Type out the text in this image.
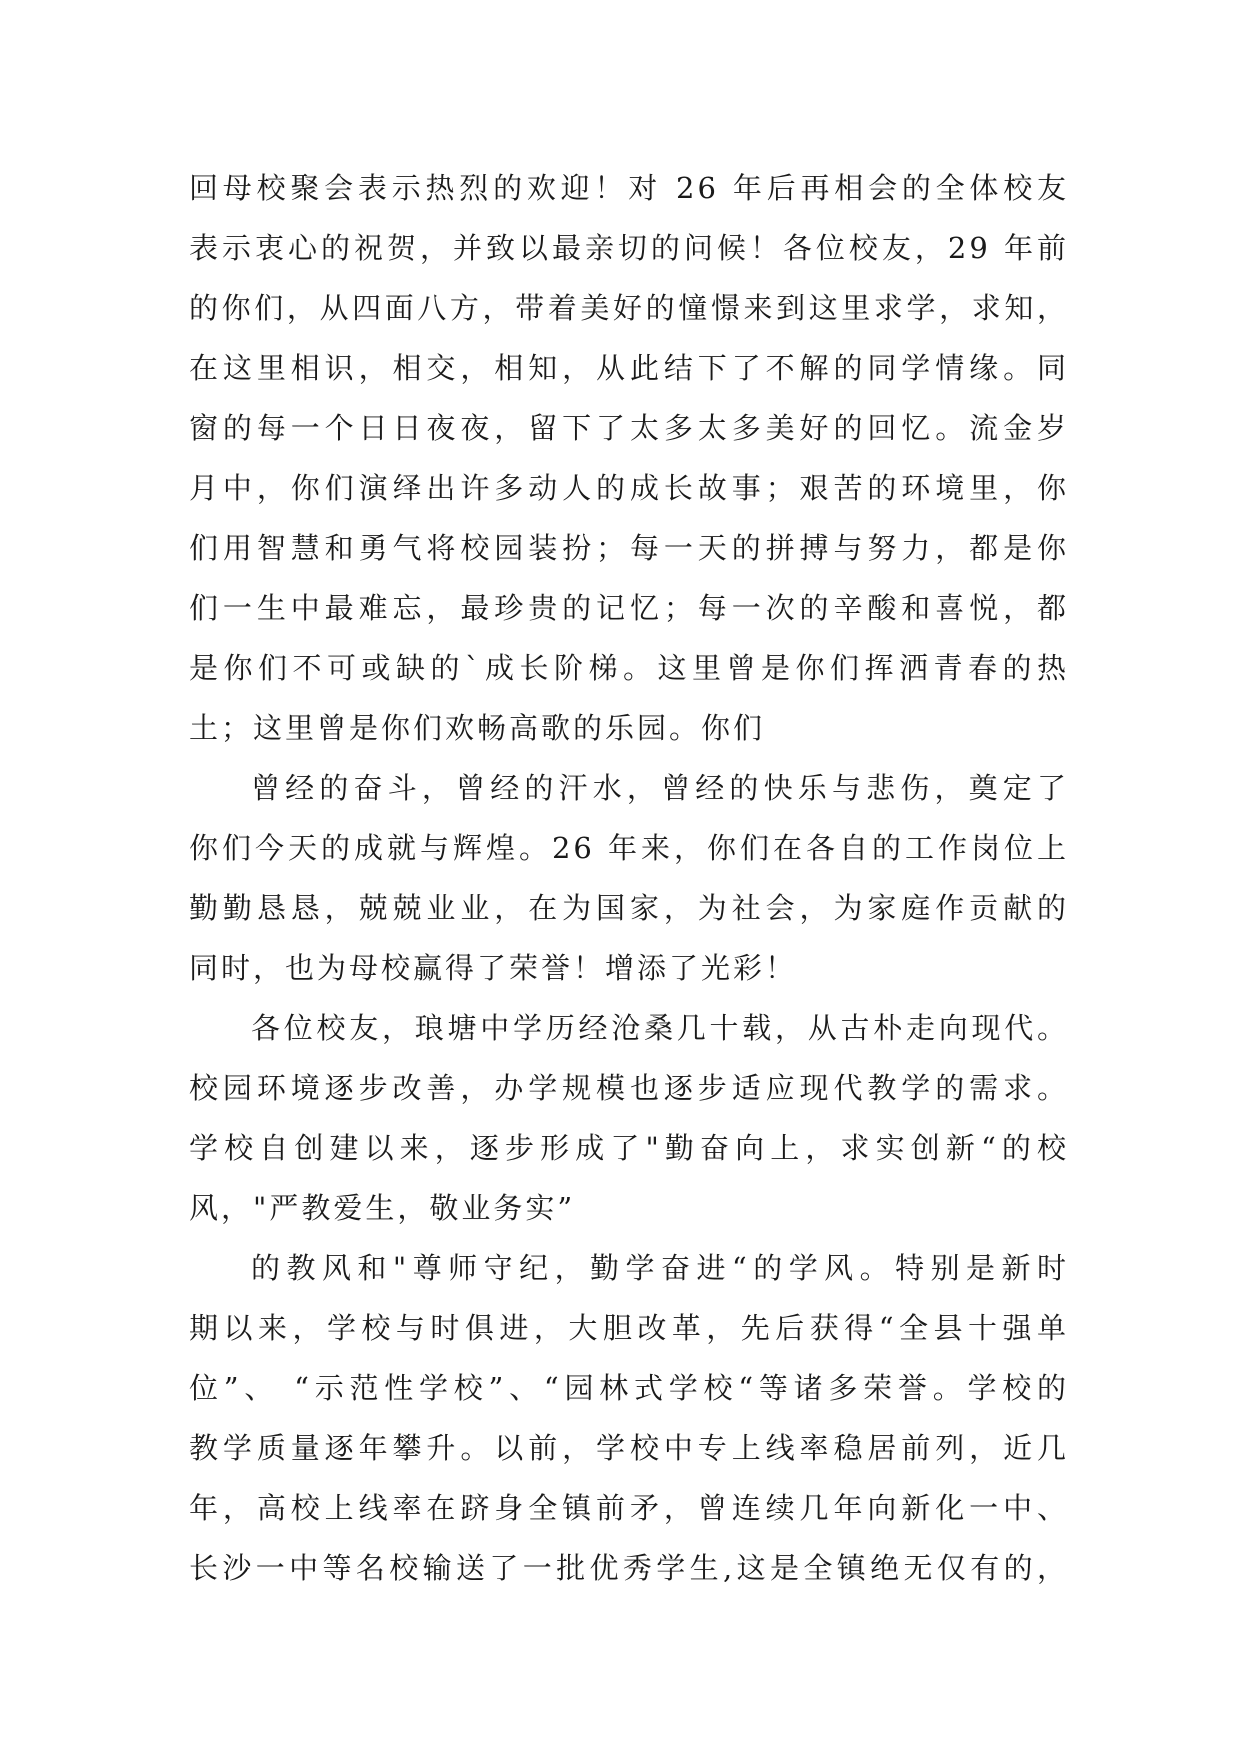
回母校聚会表示热烈的欢迎！对 26 年后再相会的全体校友
表示衷心的祝贺，并致以最亲切的问候！各位校友，29 年前
的你们，从四面八方，带着美好的憧憬来到这里求学，求知，
在这里相识，相交，相知，从此结下了不解的同学情缘。同
窗的每一个日日夜夜，留下了太多太多美好的回忆。流金岁
月中，你们演绎出许多动人的成长故事；艰苦的环境里，你
们用智慧和勇气将校园装扮；每一天的拼搏与努力，都是你
们一生中最难忘，最珍贵的记忆；每一次的辛酸和喜悦，都
是你们不可或缺的`成长阶梯。这里曾是你们挥洒青春的热
土；这里曾是你们欢畅高歌的乐园。你们
曾经的奋斗，曾经的汗水，曾经的快乐与悲伤，奠定了
你们今天的成就与辉煌。26 年来，你们在各自的工作岗位上
勤勤恳恳，兢兢业业，在为国家，为社会，为家庭作贡献的
同时，也为母校赢得了荣誉！增添了光彩！
各位校友，琅塘中学历经沧桑几十载，从古朴走向现代。
校园环境逐步改善，办学规模也逐步适应现代教学的需求。
学校自创建以来，逐步形成了"勤奋向上，求实创新“的校
风，"严教爱生，敬业务实”
的教风和"尊师守纪，勤学奋进“的学风。特别是新时
期以来，学校与时俱进，大胆改革，先后获得“全县十强单
位”、 “示范性学校”、“园林式学校“等诸多荣誉。学校的
教学质量逐年攀升。以前，学校中专上线率稳居前列，近几
年，高校上线率在跻身全镇前矛，曾连续几年向新化一中、
长沙一中等名校输送了一批优秀学生,这是全镇绝无仅有的，
